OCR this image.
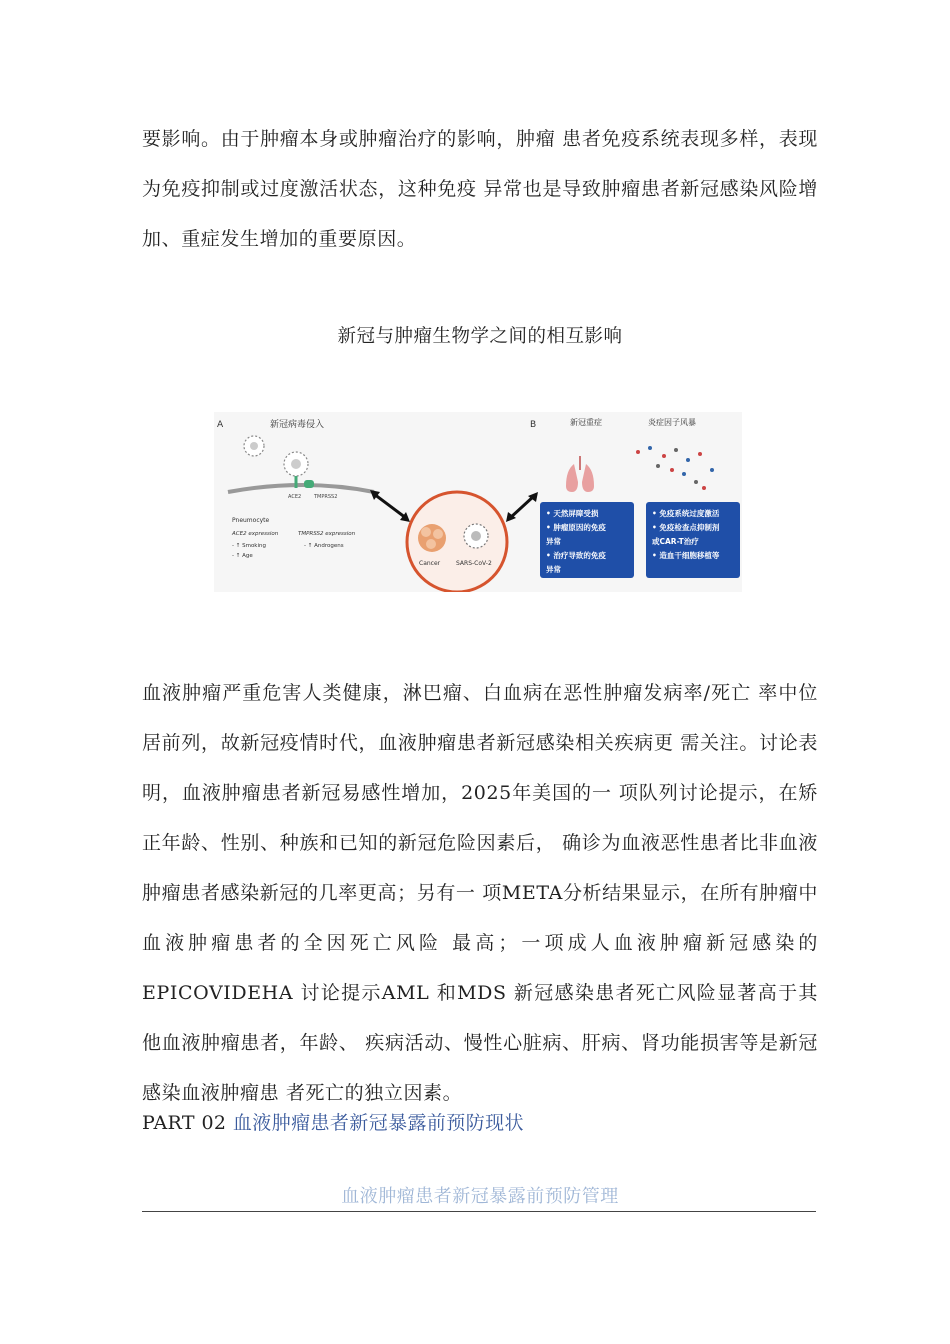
要影响。由于肿瘤本身或肿瘤治疗的影响，肿瘤 患者免疫系统表现多样，表现为免疫抑制或过度激活状态，这种免疫 异常也是导致肿瘤患者新冠感染风险增加、重症发生增加的重要原因。

新冠与肿瘤生物学之间的相互影响
A	新冠病毒侵入
ACE2	TMPRSS2
Pneumocyte
ACE2 expression	TMPRSS2 expression
- ↑ Smoking
- ↑ Age
- ↑ Androgens
Cancer	SARS-CoV-2
B	新冠重症	炎症因子风暴
• 天然屏障受损
• 肿瘤原因的免疫
异常
• 治疗导致的免疫
异常
• 免疫系统过度激活
• 免疫检查点抑制剂
或CAR-T治疗
• 造血干细胞移植等

血液肿瘤严重危害人类健康，淋巴瘤、白血病在恶性肿瘤发病率/死亡 率中位居前列，故新冠疫情时代，血液肿瘤患者新冠感染相关疾病更 需关注。讨论表明，血液肿瘤患者新冠易感性增加，2025年美国的一 项队列讨论提示，在矫正年龄、性别、种族和已知的新冠危险因素后， 确诊为血液恶性患者比非血液肿瘤患者感染新冠的几率更高；另有一 项META分析结果显示，在所有肿瘤中血液肿瘤患者的全因死亡风险 最高；一项成人血液肿瘤新冠感染的EPICOVIDEHA 讨论提示AML 和MDS 新冠感染患者死亡风险显著高于其他血液肿瘤患者，年龄、 疾病活动、慢性心脏病、肝病、肾功能损害等是新冠感染血液肿瘤患 者死亡的独立因素。

PART 02 血液肿瘤患者新冠暴露前预防现状
血液肿瘤患者新冠暴露前预防管理
